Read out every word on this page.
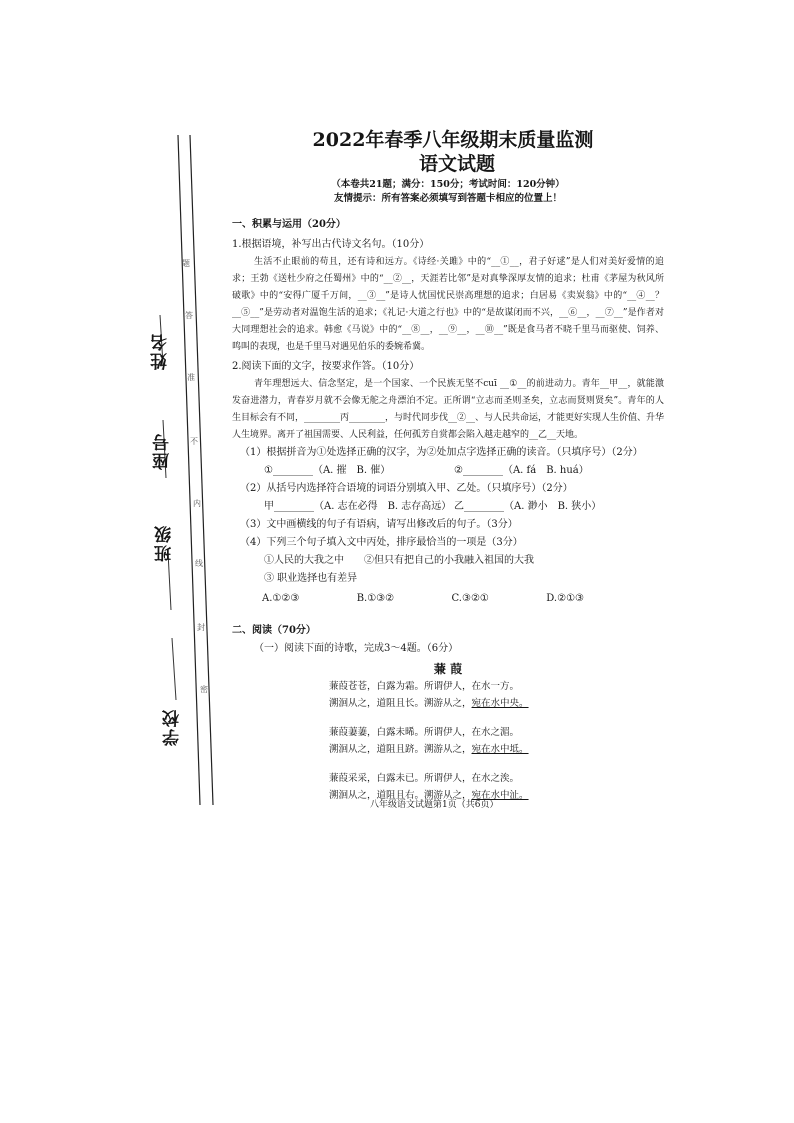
姓名
座号
班级
学校
题
答
准
不
内
线
封
密
2022年春季八年级期末质量监测
语文试题
（本卷共21题；满分：150分；考试时间：120分钟）
友情提示：所有答案必须填写到答题卡相应的位置上！
一、积累与运用（20分）
1.根据语境，补写出古代诗文名句。（10分）
生活不止眼前的苟且，还有诗和远方。《诗经·关雎》中的“__①__，君子好逑”是人们对美好爱情的追求；王勃《送杜少府之任蜀州》中的“__②__，天涯若比邻”是对真挚深厚友情的追求；杜甫《茅屋为秋风所破歌》中的“安得广厦千万间，__③__”是诗人忧国忧民崇高理想的追求；白居易《卖炭翁》中的“__④__？__⑤__”是劳动者对温饱生活的追求；《礼记·大道之行也》中的“是故谋闭而不兴，__⑥__，__⑦__”是作者对大同理想社会的追求。韩愈《马说》中的“__⑧__，__⑨__，__⑩__”既是食马者不晓千里马而驱使、饲养、鸣叫的表现，也是千里马对遇见伯乐的委婉希冀。
2.阅读下面的文字，按要求作答。（10分）
青年理想远大、信念坚定，是一个国家、一个民族无坚不cuī __①__的前进动力。青年__甲__，就能激发奋进潜力，青春岁月就不会像无舵之舟漂泊不定。正所谓“立志而圣则圣矣，立志而贤则贤矣”。青年的人生目标会有不同，________丙________，与时代同步伐__②__、与人民共命运，才能更好实现人生价值、升华人生境界。离开了祖国需要、人民利益，任何孤芳自赏都会陷入越走越窄的__乙__天地。
（1）根据拼音为①处选择正确的汉字，为②处加点字选择正确的读音。（只填序号）（2分）
①________（A. 摧　B. 催）	②________（A. fá　B. huá）
（2）从括号内选择符合语境的词语分别填入甲、乙处。（只填序号）（2分）
甲________（A. 志在必得　B. 志存高远） 乙________（A. 渺小　B. 狭小）
（3）文中画横线的句子有语病，请写出修改后的句子。（3分）
（4）下列三个句子填入文中丙处，排序最恰当的一项是（3分）
①人民的大我之中　　②但只有把自己的小我融入祖国的大我
③ 职业选择也有差异
A.①②③	B.①③②	C.③②①	D.②①③
二、阅读（70分）
（一）阅读下面的诗歌，完成3～4题。（6分）
蒹 葭
蒹葭苍苍，白露为霜。所谓伊人，在水一方。
溯洄从之，道阻且长。溯游从之，宛在水中央。
蒹葭萋萋，白露未晞。所谓伊人，在水之湄。
溯洄从之，道阻且跻。溯游从之，宛在水中坻。
蒹葭采采，白露未已。所谓伊人，在水之涘。
溯洄从之，道阻且右。溯游从之，宛在水中沚。
八年级语文试题第1页（共6页）
